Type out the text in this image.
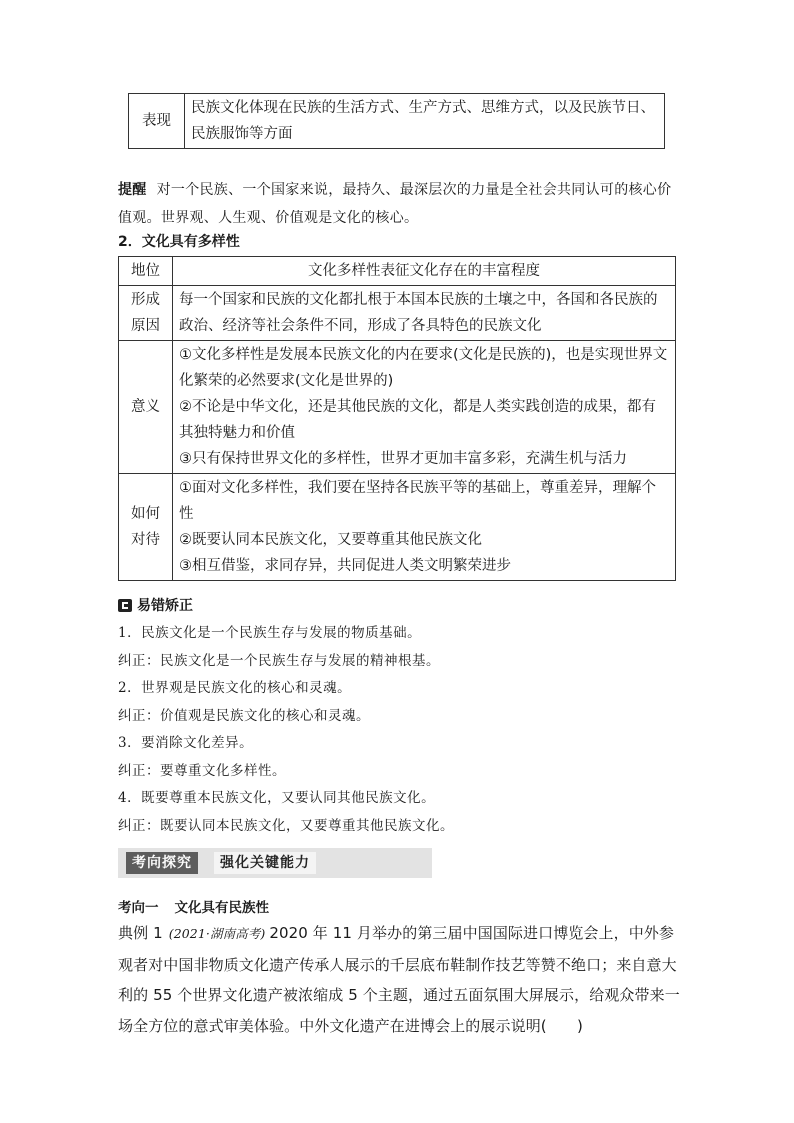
表现	民族文化体现在民族的生活方式、生产方式、思维方式，以及民族节日、民族服饰等方面
提醒 对一个民族、一个国家来说，最持久、最深层次的力量是全社会共同认可的核心价值观。世界观、人生观、价值观是文化的核心。
2．文化具有多样性
地位	文化多样性表征文化存在的丰富程度
形成原因	每一个国家和民族的文化都扎根于本国本民族的土壤之中，各国和各民族的政治、经济等社会条件不同，形成了各具特色的民族文化
意义	①文化多样性是发展本民族文化的内在要求(文化是民族的)，也是实现世界文化繁荣的必然要求(文化是世界的)
②不论是中华文化，还是其他民族的文化，都是人类实践创造的成果，都有其独特魅力和价值
③只有保持世界文化的多样性，世界才更加丰富多彩，充满生机与活力

如何对待	①面对文化多样性，我们要在坚持各民族平等的基础上，尊重差异，理解个性
②既要认同本民族文化，又要尊重其他民族文化
③相互借鉴，求同存异，共同促进人类文明繁荣进步
易错矫正
1．民族文化是一个民族生存与发展的物质基础。
纠正：民族文化是一个民族生存与发展的精神根基。
2．世界观是民族文化的核心和灵魂。
纠正：价值观是民族文化的核心和灵魂。
3．要消除文化差异。
纠正：要尊重文化多样性。
4．既要尊重本民族文化，又要认同其他民族文化。
纠正：既要认同本民族文化，又要尊重其他民族文化。
考向探究	强化关键能力
考向一 文化具有民族性
典例 1 (2021·湖南高考) 2020 年 11 月举办的第三届中国国际进口博览会上，中外参观者对中国非物质文化遗产传承人展示的千层底布鞋制作技艺等赞不绝口；来自意大利的 55 个世界文化遗产被浓缩成 5 个主题，通过五面氛围大屏展示，给观众带来一场全方位的意式审美体验。中外文化遗产在进博会上的展示说明(　　)
